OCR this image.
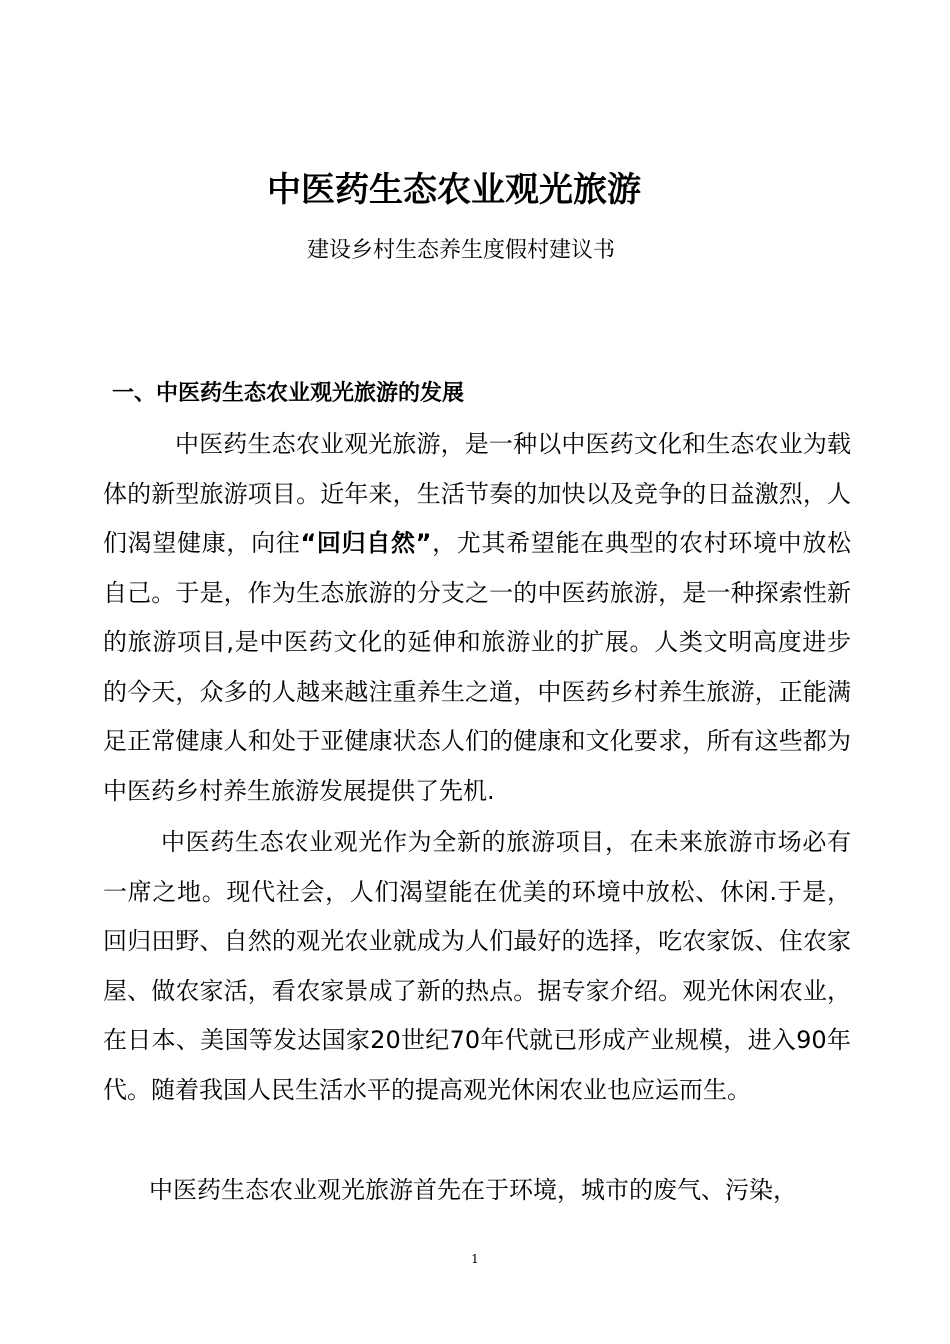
中医药生态农业观光旅游
建设乡村生态养生度假村建议书
一、中医药生态农业观光旅游的发展
中医药生态农业观光旅游，是一种以中医药文化和生态农业为载体的新型旅游项目。近年来，生活节奏的加快以及竞争的日益激烈，人们渴望健康，向往“回归自然”，尤其希望能在典型的农村环境中放松自己。于是，作为生态旅游的分支之一的中医药旅游，是一种探索性新的旅游项目,是中医药文化的延伸和旅游业的扩展。人类文明高度进步的今天，众多的人越来越注重养生之道，中医药乡村养生旅游，正能满足正常健康人和处于亚健康状态人们的健康和文化要求，所有这些都为中医药乡村养生旅游发展提供了先机.
中医药生态农业观光作为全新的旅游项目，在未来旅游市场必有一席之地。现代社会，人们渴望能在优美的环境中放松、休闲.于是，回归田野、自然的观光农业就成为人们最好的选择，吃农家饭、住农家屋、做农家活，看农家景成了新的热点。据专家介绍。观光休闲农业，在日本、美国等发达国家20世纪70年代就已形成产业规模，进入90年代。随着我国人民生活水平的提高观光休闲农业也应运而生。
中医药生态农业观光旅游首先在于环境，城市的废气、污染，
1
